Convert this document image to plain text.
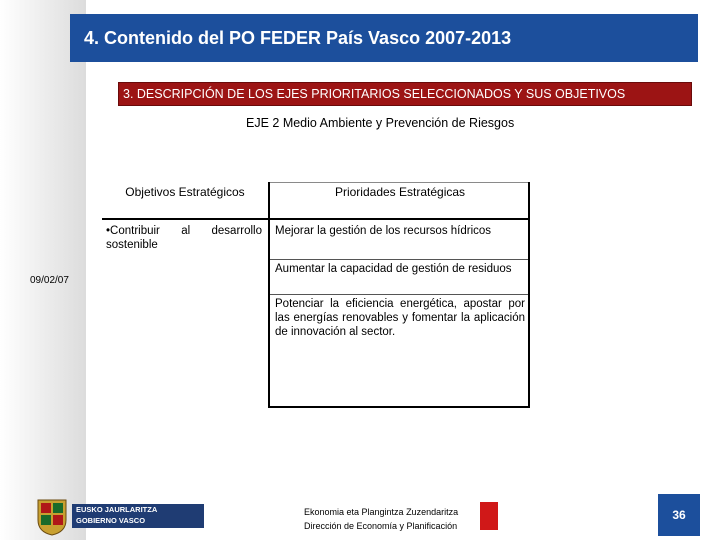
4. Contenido del PO FEDER País Vasco 2007-2013
3. DESCRIPCIÓN DE LOS EJES PRIORITARIOS SELECCIONADOS Y SUS OBJETIVOS
EJE 2 Medio Ambiente y Prevención de Riesgos
09/02/07
Objetivos Estratégicos	Prioridades Estratégicas
•Contribuir al desarrollo sostenible
Mejorar la gestión de los recursos hídricos
Aumentar la capacidad de gestión de residuos
Potenciar la eficiencia energética, apostar por las energías renovables y fomentar la aplicación de innovación al sector.
EUSKO JAURLARITZA
GOBIERNO VASCO
Ekonomia eta Plangintza Zuzendaritza
Dirección de Economía y Planificación
36
